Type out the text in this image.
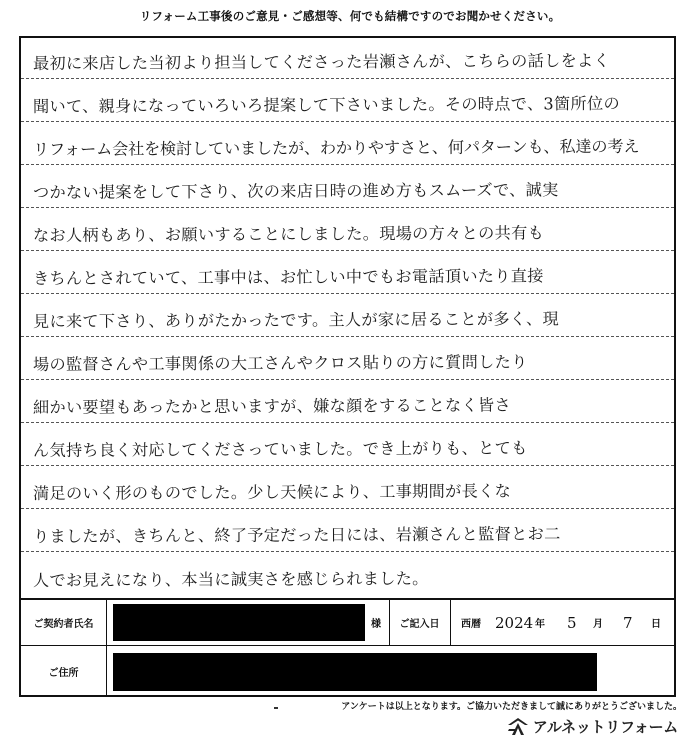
リフォーム工事後のご意見・ご感想等、何でも結構ですのでお聞かせください。
最初に来店した当初より担当してくださった岩瀬さんが、こちらの話しをよく
聞いて、親身になっていろいろ提案して下さいました。その時点で、3箇所位の
リフォーム会社を検討していましたが、わかりやすさと、何パターンも、私達の考え
つかない提案をして下さり、次の来店日時の進め方もスムーズで、誠実
なお人柄もあり、お願いすることにしました。現場の方々との共有も
きちんとされていて、工事中は、お忙しい中でもお電話頂いたり直接
見に来て下さり、ありがたかったです。主人が家に居ることが多く、現
場の監督さんや工事関係の大工さんやクロス貼りの方に質問したり
細かい要望もあったかと思いますが、嫌な顔をすることなく皆さ
ん気持ち良く対応してくださっていました。でき上がりも、とても
満足のいく形のものでした。少し天候により、工事期間が長くな
りましたが、きちんと、終了予定だった日には、岩瀬さんと監督とお二
人でお見えになり、本当に誠実さを感じられました。
ご契約者氏名	様	ご記入日	西暦 2024 年 5 月 7 日
ご住所
アンケートは以上となります。ご協力いただきまして誠にありがとうございました。
アルネットリフォーム
